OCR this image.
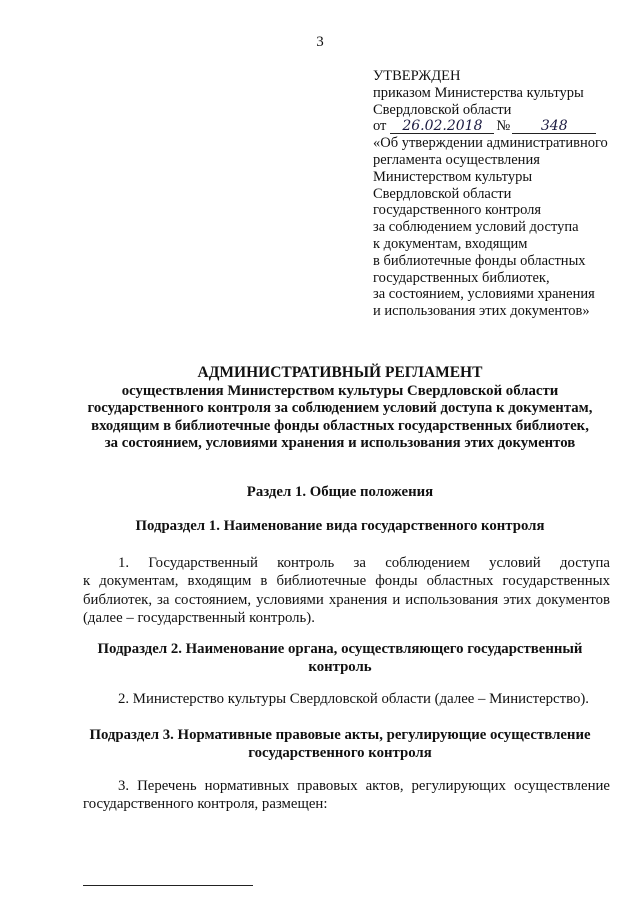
3
УТВЕРЖДЕН
приказом Министерства культуры
Свердловской области
от	26.02.2018 №	348
«Об утверждении административного
регламента осуществления
Министерством культуры
Свердловской области
государственного контроля
за соблюдением условий доступа
к документам, входящим
в библиотечные фонды областных
государственных библиотек,
за состоянием, условиями хранения
и использования этих документов»
АДМИНИСТРАТИВНЫЙ РЕГЛАМЕНТ
осуществления Министерством культуры Свердловской области
государственного контроля за соблюдением условий доступа к документам,
входящим в библиотечные фонды областных государственных библиотек,
за состоянием, условиями хранения и использования этих документов
Раздел 1. Общие положения
Подраздел 1. Наименование вида государственного контроля
1. Государственный контроль за соблюдением условий доступа
к документам, входящим в библиотечные фонды областных государственных
библиотек, за состоянием, условиями хранения и использования этих документов
(далее – государственный контроль).
Подраздел 2. Наименование органа, осуществляющего государственный
контроль
2. Министерство культуры Свердловской области (далее – Министерство).
Подраздел 3. Нормативные правовые акты, регулирующие осуществление
государственного контроля
3. Перечень нормативных правовых актов, регулирующих осуществление
государственного контроля, размещен:
